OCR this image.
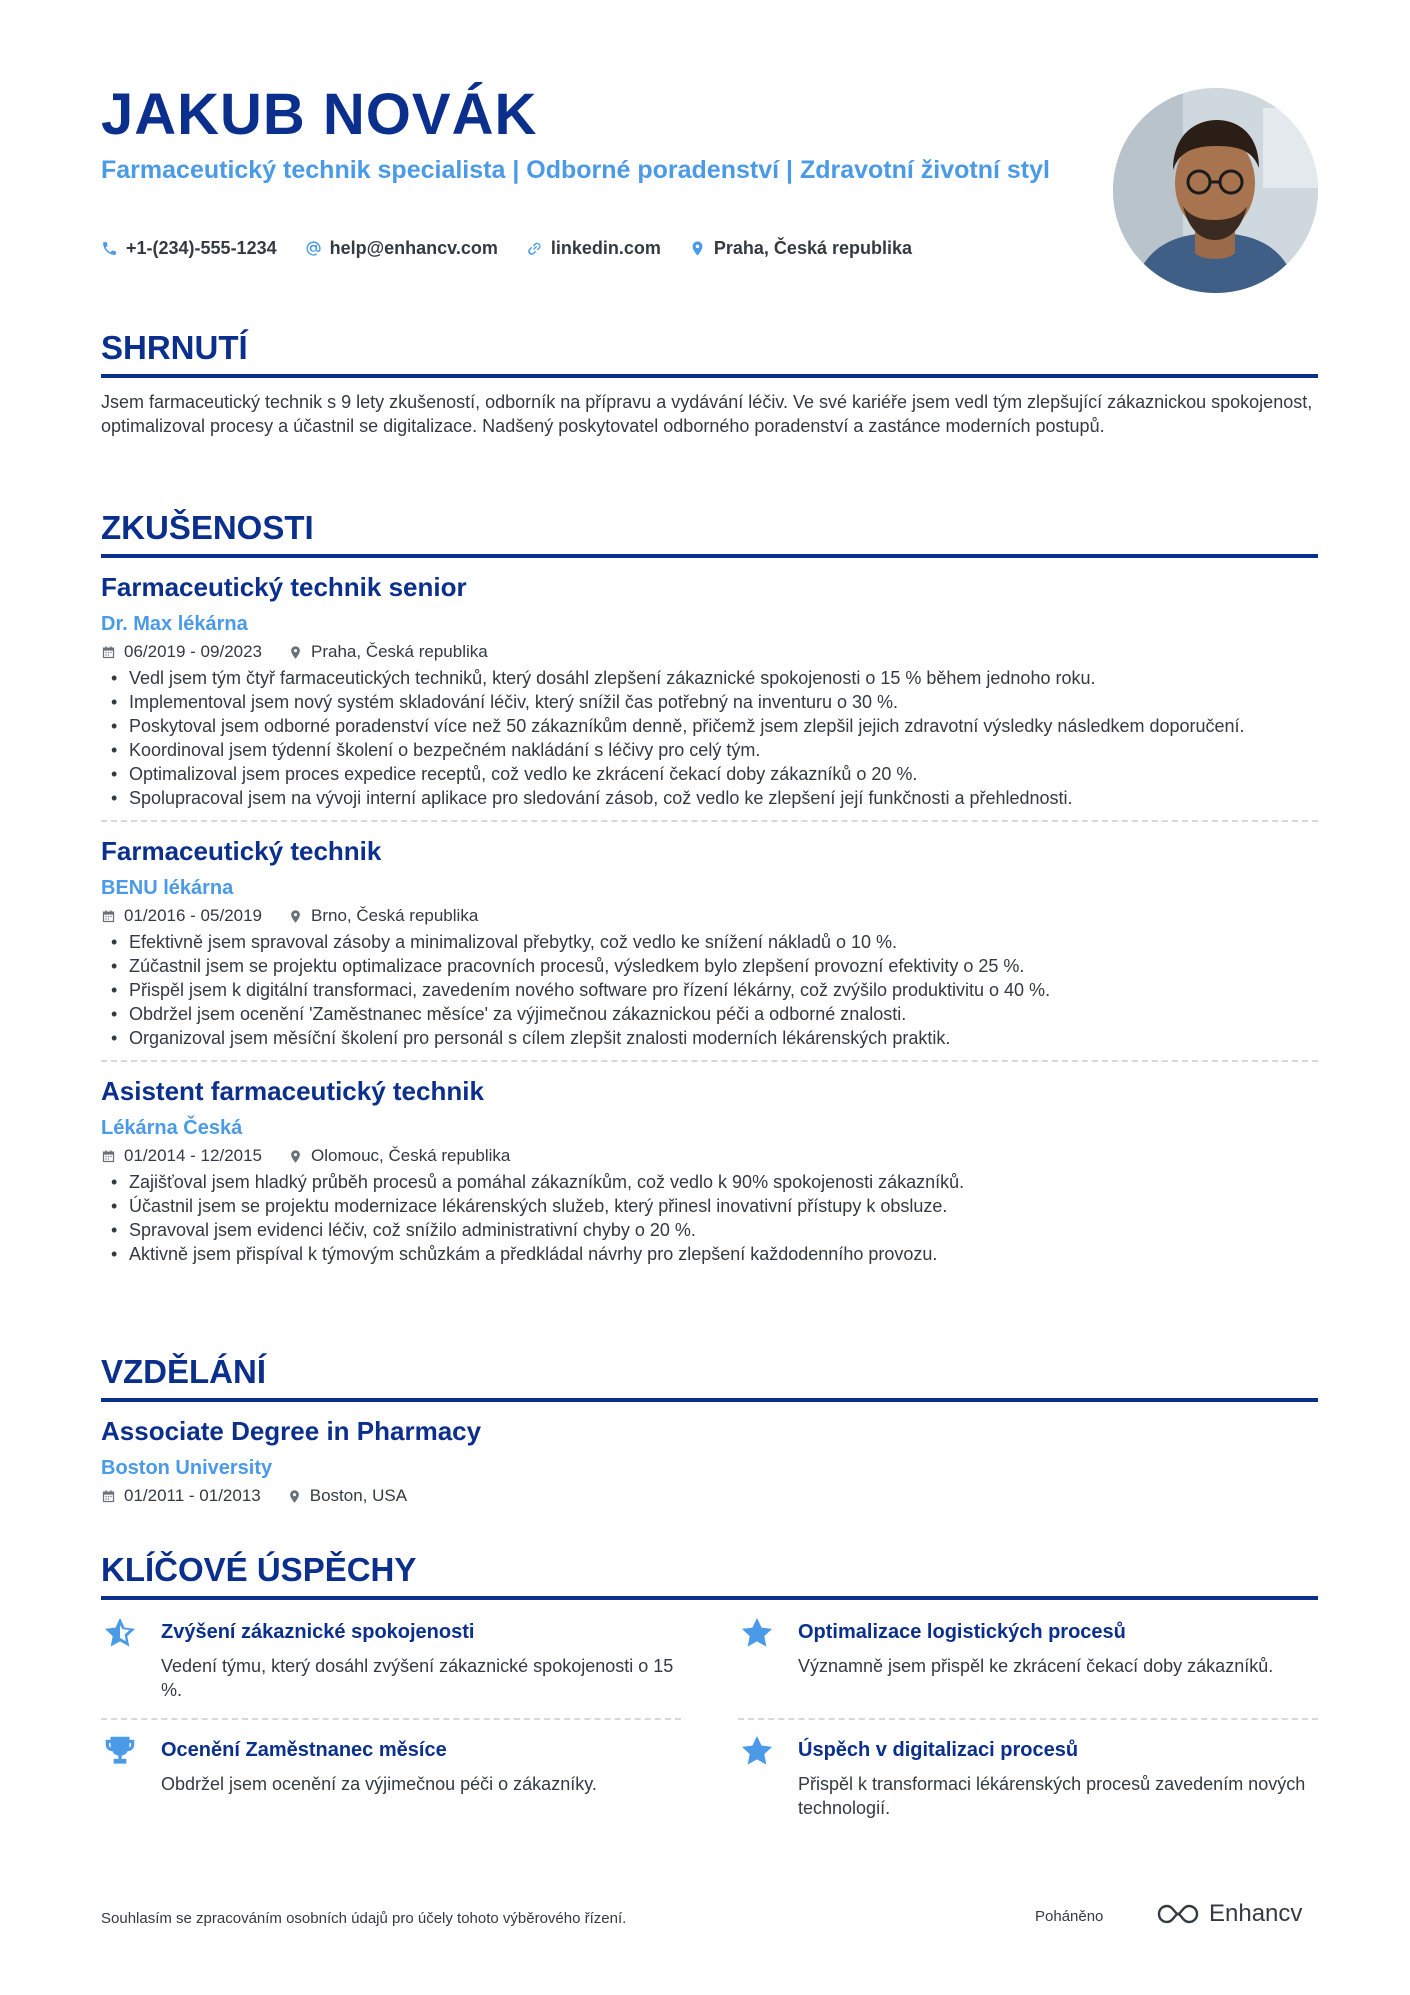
JAKUB NOVÁK
Farmaceutický technik specialista | Odborné poradenství | Zdravotní životní styl
+1-(234)-555-1234	help@enhancv.com	linkedin.com	Praha, Česká republika
SHRNUTÍ
Jsem farmaceutický technik s 9 lety zkušeností, odborník na přípravu a vydávání léčiv. Ve své kariéře jsem vedl tým zlepšující zákaznickou spokojenost, optimalizoval procesy a účastnil se digitalizace. Nadšený poskytovatel odborného poradenství a zastánce moderních postupů.
ZKUŠENOSTI
Farmaceutický technik senior
Dr. Max lékárna
06/2019 - 09/2023	Praha, Česká republika
• Vedl jsem tým čtyř farmaceutických techniků, který dosáhl zlepšení zákaznické spokojenosti o 15 % během jednoho roku.
• Implementoval jsem nový systém skladování léčiv, který snížil čas potřebný na inventuru o 30 %.
• Poskytoval jsem odborné poradenství více než 50 zákazníkům denně, přičemž jsem zlepšil jejich zdravotní výsledky následkem doporučení.
• Koordinoval jsem týdenní školení o bezpečném nakládání s léčivy pro celý tým.
• Optimalizoval jsem proces expedice receptů, což vedlo ke zkrácení čekací doby zákazníků o 20 %.
• Spolupracoval jsem na vývoji interní aplikace pro sledování zásob, což vedlo ke zlepšení její funkčnosti a přehlednosti.
Farmaceutický technik
BENU lékárna
01/2016 - 05/2019	Brno, Česká republika
• Efektivně jsem spravoval zásoby a minimalizoval přebytky, což vedlo ke snížení nákladů o 10 %.
• Zúčastnil jsem se projektu optimalizace pracovních procesů, výsledkem bylo zlepšení provozní efektivity o 25 %.
• Přispěl jsem k digitální transformaci, zavedením nového software pro řízení lékárny, což zvýšilo produktivitu o 40 %.
• Obdržel jsem ocenění 'Zaměstnanec měsíce' za výjimečnou zákaznickou péči a odborné znalosti.
• Organizoval jsem měsíční školení pro personál s cílem zlepšit znalosti moderních lékárenských praktik.
Asistent farmaceutický technik
Lékárna Česká
01/2014 - 12/2015	Olomouc, Česká republika
• Zajišťoval jsem hladký průběh procesů a pomáhal zákazníkům, což vedlo k 90% spokojenosti zákazníků.
• Účastnil jsem se projektu modernizace lékárenských služeb, který přinesl inovativní přístupy k obsluze.
• Spravoval jsem evidenci léčiv, což snížilo administrativní chyby o 20 %.
• Aktivně jsem přispíval k týmovým schůzkám a předkládal návrhy pro zlepšení každodenního provozu.
VZDĚLÁNÍ
Associate Degree in Pharmacy
Boston University
01/2011 - 01/2013	Boston, USA
KLÍČOVÉ ÚSPĚCHY
Zvýšení zákaznické spokojenosti
Vedení týmu, který dosáhl zvýšení zákaznické spokojenosti o 15 %.
Optimalizace logistických procesů
Významně jsem přispěl ke zkrácení čekací doby zákazníků.
Ocenění Zaměstnanec měsíce
Obdržel jsem ocenění za výjimečnou péči o zákazníky.
Úspěch v digitalizaci procesů
Přispěl k transformaci lékárenských procesů zavedením nových technologií.
Souhlasím se zpracováním osobních údajů pro účely tohoto výběrového řízení.	Poháněno	Enhancv
